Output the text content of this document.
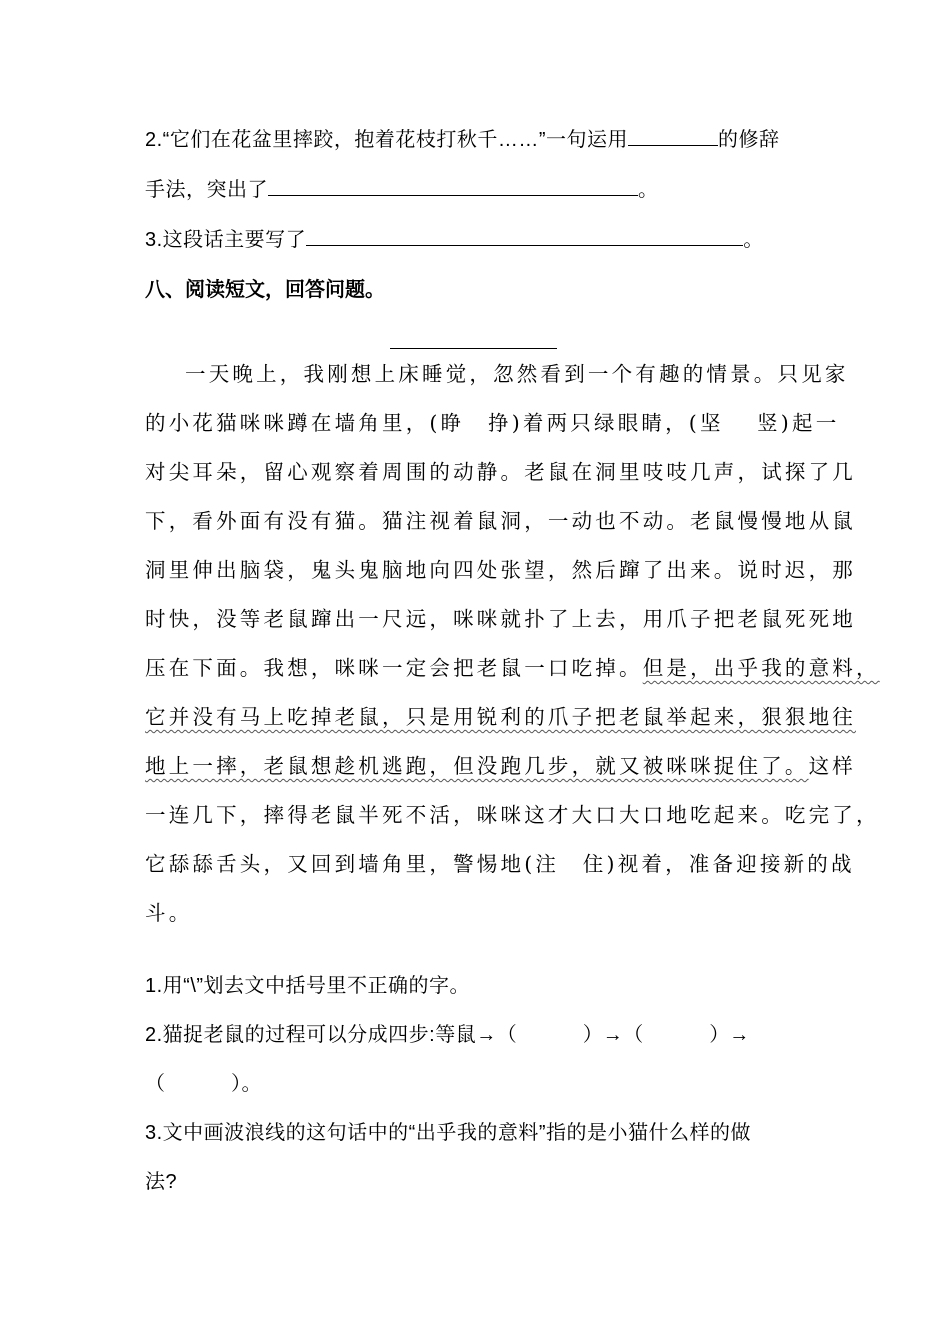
2.“它们在花盆里摔跤，抱着花枝打秋千……”一句运用	的修辞
手法，突出了	。
3.这段话主要写了	。
八、阅读短文，回答问题。
一天晚上，我刚想上床睡觉，忽然看到一个有趣的情景。只见家
的小花猫咪咪蹲在墙角里，(睁　挣)着两只绿眼睛，(坚　 竖)起一
对尖耳朵，留心观察着周围的动静。老鼠在洞里吱吱几声，试探了几
下，看外面有没有猫。猫注视着鼠洞，一动也不动。老鼠慢慢地从鼠
洞里伸出脑袋，鬼头鬼脑地向四处张望，然后蹿了出来。说时迟，那
时快，没等老鼠蹿出一尺远，咪咪就扑了上去，用爪子把老鼠死死地
压在下面。我想，咪咪一定会把老鼠一口吃掉。但是，出乎我的意料，
它并没有马上吃掉老鼠，只是用锐利的爪子把老鼠举起来，狠狠地往
地上一摔，老鼠想趁机逃跑，但没跑几步，就又被咪咪捉住了。这样
一连几下，摔得老鼠半死不活，咪咪这才大口大口地吃起来。吃完了，
它舔舔舌头，又回到墙角里，警惕地(注　住)视着，准备迎接新的战
斗。
1.用“\”划去文中括号里不正确的字。
2.猫捉老鼠的过程可以分成四步:等鼠→（	）→（	）→
（	）。
3.文中画波浪线的这句话中的“出乎我的意料”指的是小猫什么样的做
法?
